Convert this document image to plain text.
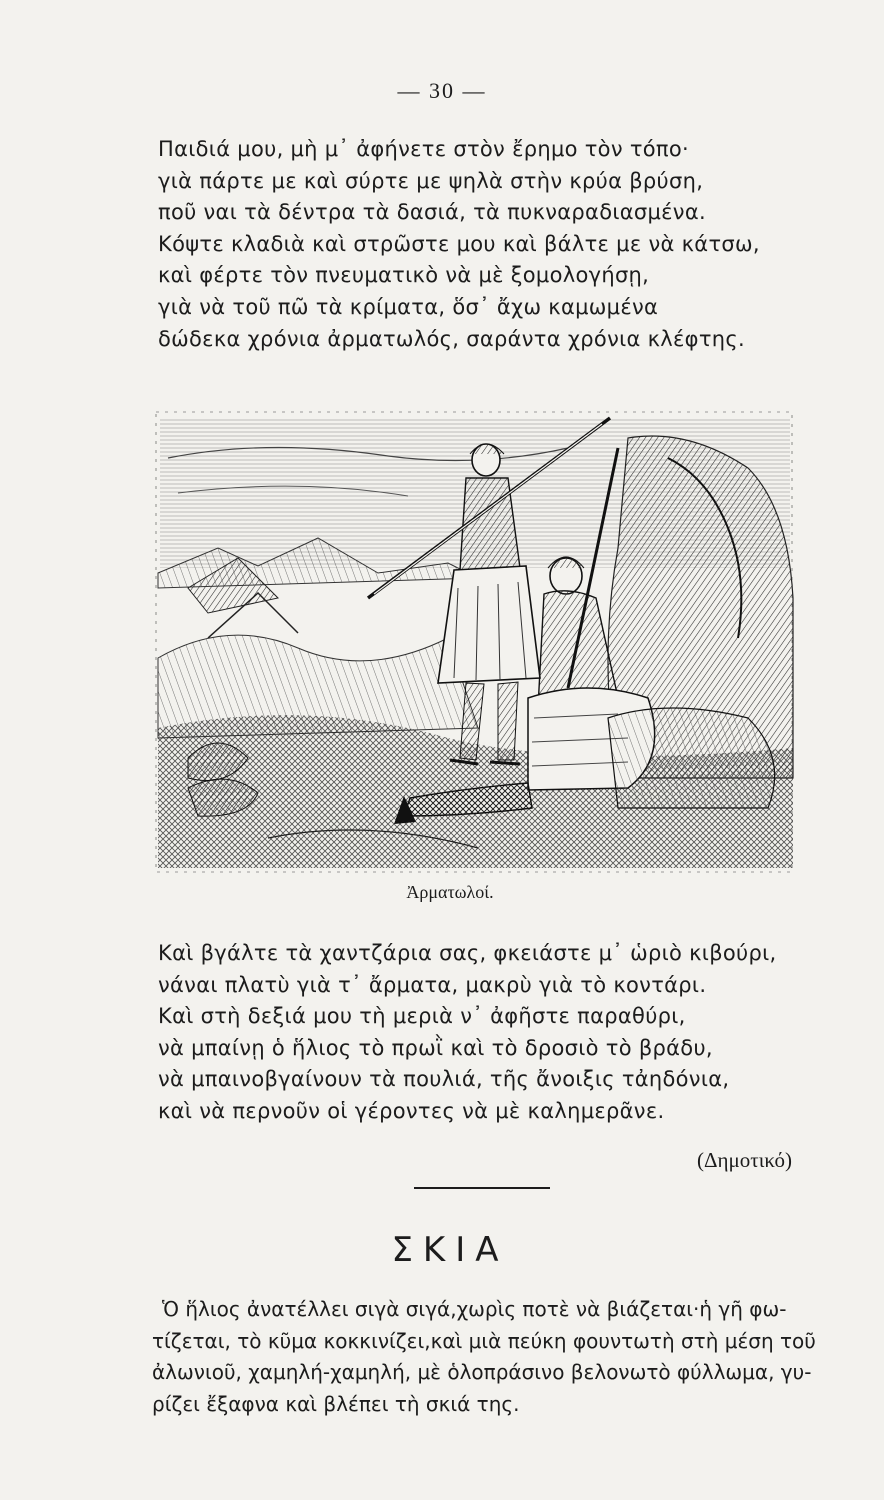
— 30 —
Παιδιά μου, μὴ μ᾽ ἀφήνετε στὸν ἔρημο τὸν τόπο·
γιὰ πάρτε με καὶ σύρτε με ψηλὰ στὴν κρύα βρύση,
ποῦ ναι τὰ δέντρα τὰ δασιά, τὰ πυκναραδιασμένα.
Κόψτε κλαδιὰ καὶ στρῶστε μου καὶ βάλτε με νὰ κάτσω,
καὶ φέρτε τὸν πνευματικὸ νὰ μὲ ξομολογήσῃ,
γιὰ νὰ τοῦ πῶ τὰ κρίματα, ὅσ᾽ ἄχω καμωμένα
δώδεκα χρόνια ἀρματωλός, σαράντα χρόνια κλέφτης.
Ἀρματωλοί.
Καὶ βγάλτε τὰ χαντζάρια σας, φκειάστε μ᾽ ὡριὸ κιβούρι,
νάναι πλατὺ γιὰ τ᾽ ἄρματα, μακρὺ γιὰ τὸ κοντάρι.
Καὶ στὴ δεξιά μου τὴ μεριὰ ν᾽ ἀφῆστε παραθύρι,
νὰ μπαίνῃ ὁ ἥλιος τὸ πρωῒ καὶ τὸ δροσιὸ τὸ βράδυ,
νὰ μπαινοβγαίνουν τὰ πουλιά, τῆς ἄνοιξις τἀηδόνια,
καὶ νὰ περνοῦν οἱ γέροντες νὰ μὲ καλημερᾶνε.
(Δημοτικό)
ΣΚΙΑ
Ὁ ἥλιος ἀνατέλλει σιγὰ σιγά,χωρὶς ποτὲ νὰ βιάζεται·ἡ γῆ φω-
τίζεται, τὸ κῦμα κοκκινίζει,καὶ μιὰ πεύκη φουντωτὴ στὴ μέση τοῦ
ἀλωνιοῦ, χαμηλή-χαμηλή, μὲ ὁλοπράσινο βελονωτὸ φύλλωμα, γυ-
ρίζει ἔξαφνα καὶ βλέπει τὴ σκιά της.
